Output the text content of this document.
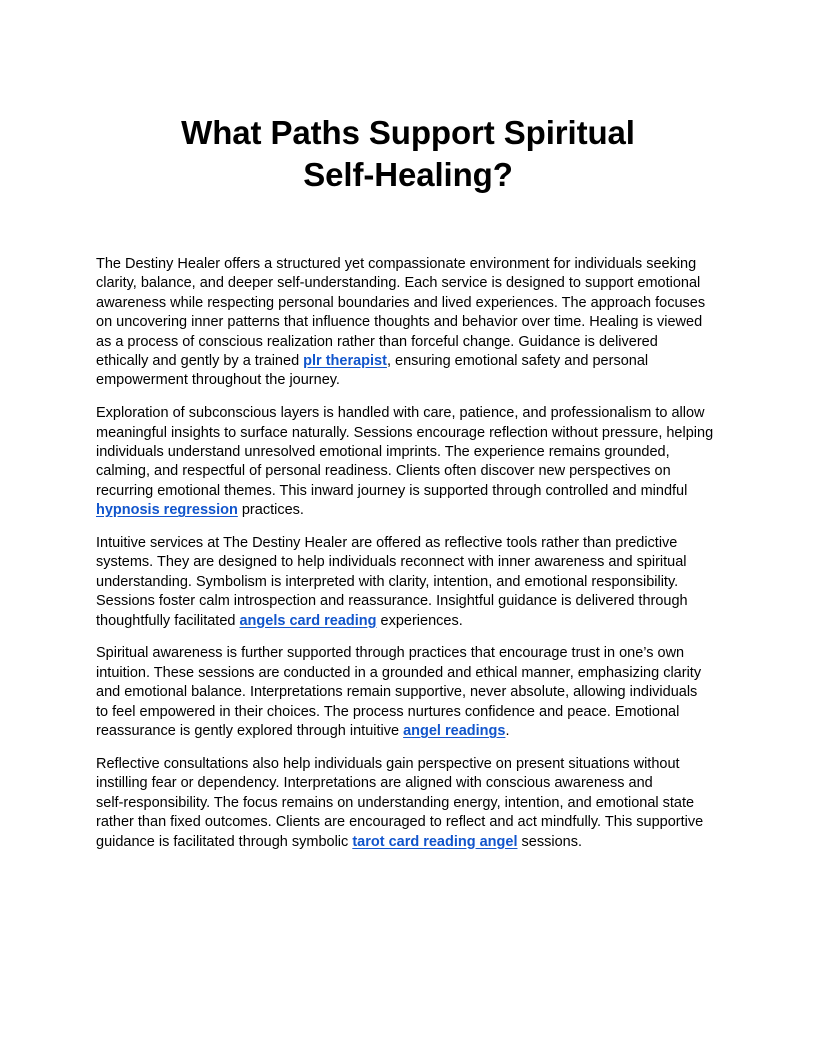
What Paths Support Spiritual
Self-Healing?

The Destiny Healer offers a structured yet compassionate environment for individuals seeking
clarity, balance, and deeper self-understanding. Each service is designed to support emotional
awareness while respecting personal boundaries and lived experiences. The approach focuses
on uncovering inner patterns that influence thoughts and behavior over time. Healing is viewed
as a process of conscious realization rather than forceful change. Guidance is delivered
ethically and gently by a trained plr therapist, ensuring emotional safety and personal
empowerment throughout the journey.

Exploration of subconscious layers is handled with care, patience, and professionalism to allow
meaningful insights to surface naturally. Sessions encourage reflection without pressure, helping
individuals understand unresolved emotional imprints. The experience remains grounded,
calming, and respectful of personal readiness. Clients often discover new perspectives on
recurring emotional themes. This inward journey is supported through controlled and mindful
hypnosis regression practices.

Intuitive services at The Destiny Healer are offered as reflective tools rather than predictive
systems. They are designed to help individuals reconnect with inner awareness and spiritual
understanding. Symbolism is interpreted with clarity, intention, and emotional responsibility.
Sessions foster calm introspection and reassurance. Insightful guidance is delivered through
thoughtfully facilitated angels card reading experiences.

Spiritual awareness is further supported through practices that encourage trust in one’s own
intuition. These sessions are conducted in a grounded and ethical manner, emphasizing clarity
and emotional balance. Interpretations remain supportive, never absolute, allowing individuals
to feel empowered in their choices. The process nurtures confidence and peace. Emotional
reassurance is gently explored through intuitive angel readings.

Reflective consultations also help individuals gain perspective on present situations without
instilling fear or dependency. Interpretations are aligned with conscious awareness and
self-responsibility. The focus remains on understanding energy, intention, and emotional state
rather than fixed outcomes. Clients are encouraged to reflect and act mindfully. This supportive
guidance is facilitated through symbolic tarot card reading angel sessions.
